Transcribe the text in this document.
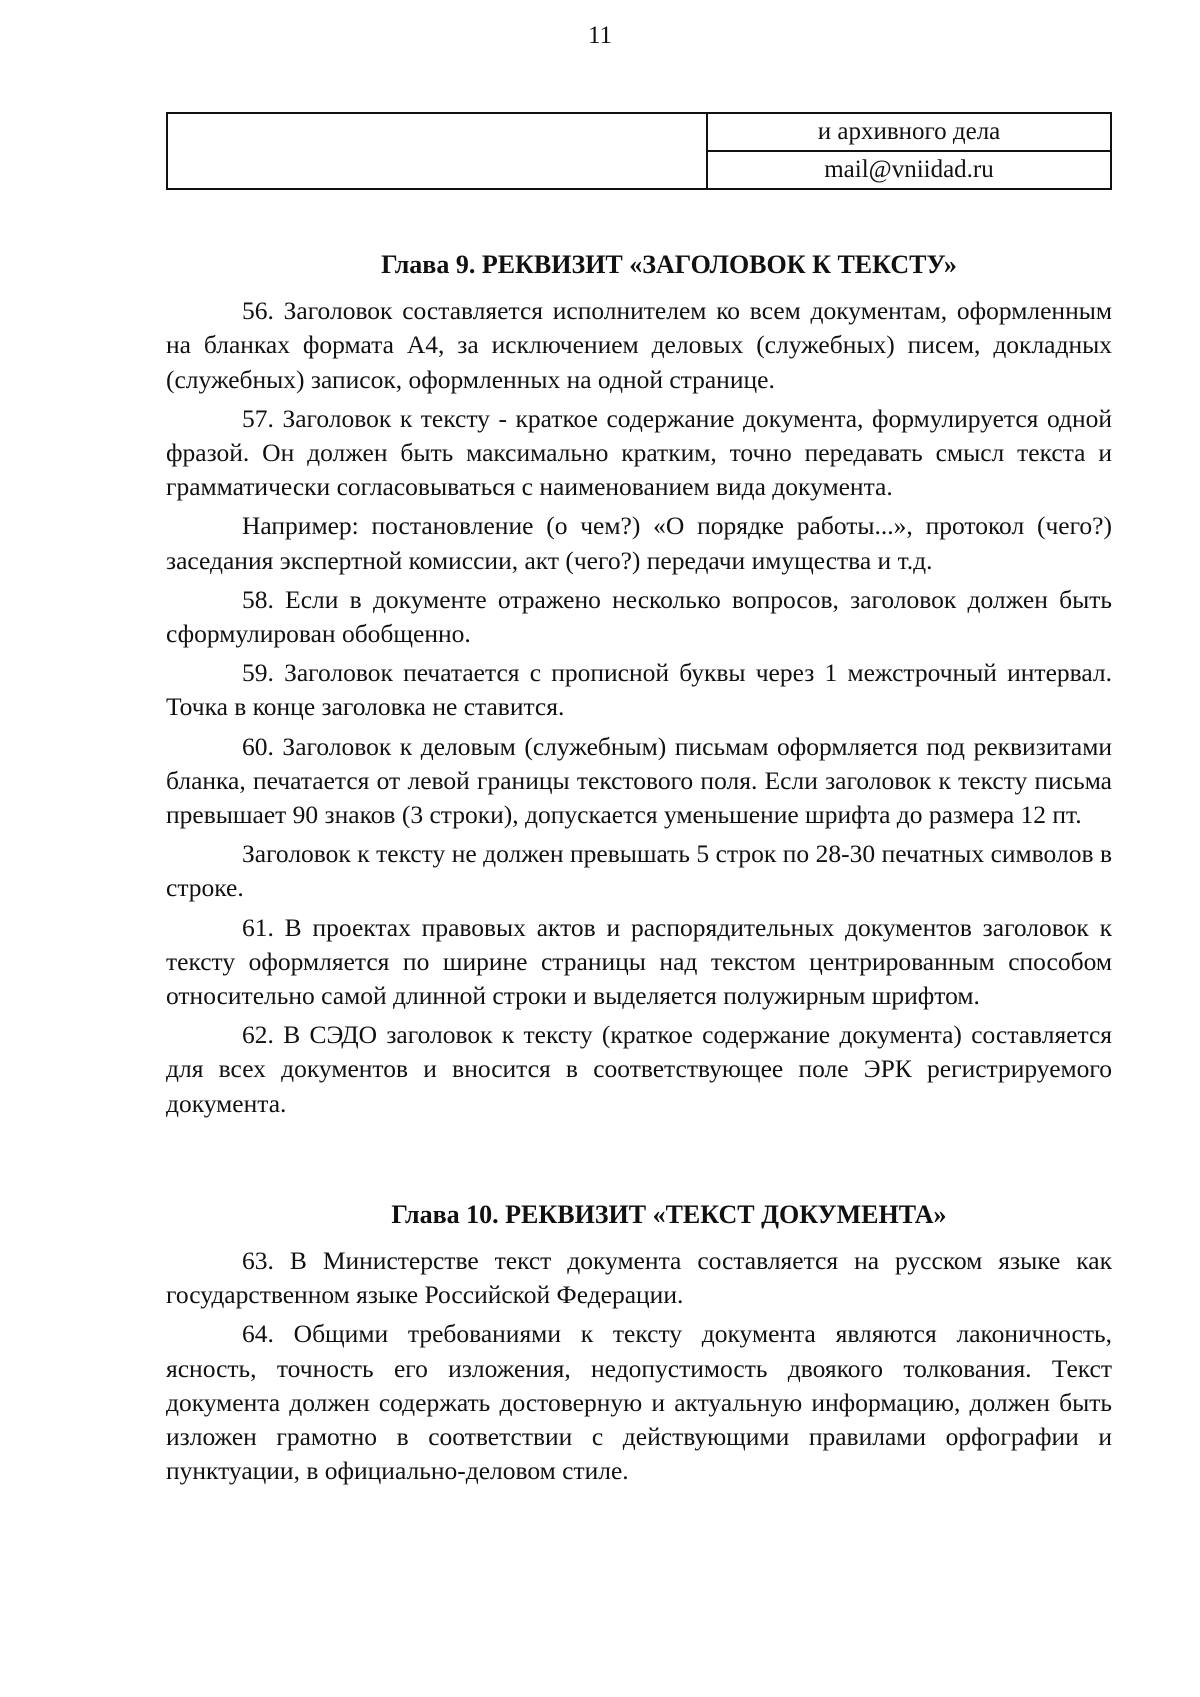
11
	и архивного дела
mail@vniidad.ru
Глава 9. РЕКВИЗИТ «ЗАГОЛОВОК К ТЕКСТУ»

56. Заголовок составляется исполнителем ко всем документам, оформленным на бланках формата А4, за исключением деловых (служебных) писем, докладных (служебных) записок, оформленных на одной странице.

57. Заголовок к тексту - краткое содержание документа, формулируется одной фразой. Он должен быть максимально кратким, точно передавать смысл текста и грамматически согласовываться с наименованием вида документа.

Например: постановление (о чем?) «О порядке работы...», протокол (чего?) заседания экспертной комиссии, акт (чего?) передачи имущества и т.д.

58. Если в документе отражено несколько вопросов, заголовок должен быть сформулирован обобщенно.

59. Заголовок печатается с прописной буквы через 1 межстрочный интервал. Точка в конце заголовка не ставится.

60. Заголовок к деловым (служебным) письмам оформляется под реквизитами бланка, печатается от левой границы текстового поля. Если заголовок к тексту письма превышает 90 знаков (3 строки), допускается уменьшение шрифта до размера 12 пт.

Заголовок к тексту не должен превышать 5 строк по 28-30 печатных символов в строке.

61. В проектах правовых актов и распорядительных документов заголовок к тексту оформляется по ширине страницы над текстом центрированным способом относительно самой длинной строки и выделяется полужирным шрифтом.

62. В СЭДО заголовок к тексту (краткое содержание документа) составляется для всех документов и вносится в соответствующее поле ЭРК регистрируемого документа.

Глава 10. РЕКВИЗИТ «ТЕКСТ ДОКУМЕНТА»

63. В Министерстве текст документа составляется на русском языке как государственном языке Российской Федерации.

64. Общими требованиями к тексту документа являются лаконичность, ясность, точность его изложения, недопустимость двоякого толкования. Текст документа должен содержать достоверную и актуальную информацию, должен быть изложен грамотно в соответствии с действующими правилами орфографии и пунктуации, в официально-деловом стиле.
